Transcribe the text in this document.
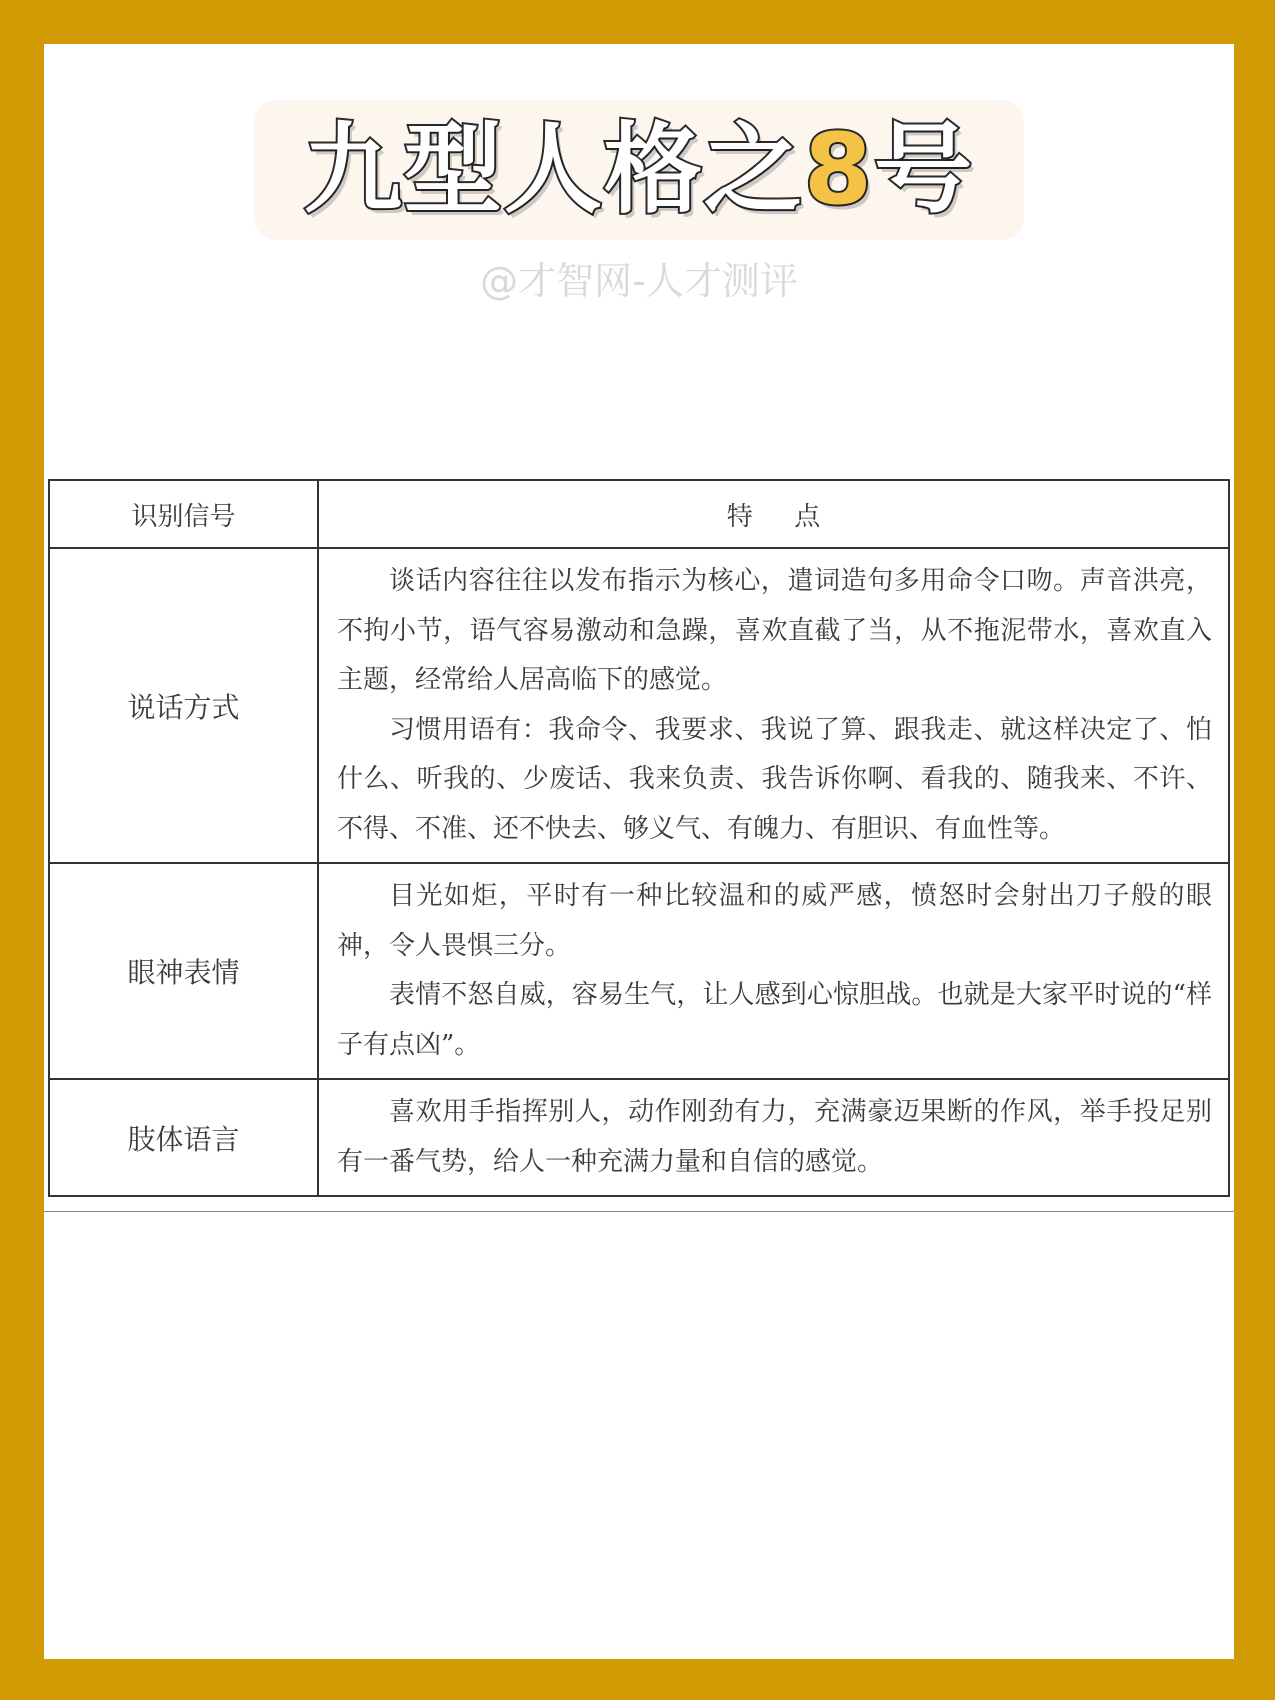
九型人格之8号
@才智网-人才测评
识别信号	特点
说话方式	谈话内容往往以发布指示为核心，遣词造句多用命令口吻。声音洪亮，不拘小节，语气容易激动和急躁，喜欢直截了当，从不拖泥带水，喜欢直入主题，经常给人居高临下的感觉。

习惯用语有：我命令、我要求、我说了算、跟我走、就这样决定了、怕什么、听我的、少废话、我来负责、我告诉你啊、看我的、随我来、不许、不得、不准、还不快去、够义气、有魄力、有胆识、有血性等。

眼神表情	目光如炬，平时有一种比较温和的威严感，愤怒时会射出刀子般的眼神，令人畏惧三分。

表情不怒自威，容易生气，让人感到心惊胆战。也就是大家平时说的“样子有点凶”。

肢体语言	喜欢用手指挥别人，动作刚劲有力，充满豪迈果断的作风，举手投足别有一番气势，给人一种充满力量和自信的感觉。
